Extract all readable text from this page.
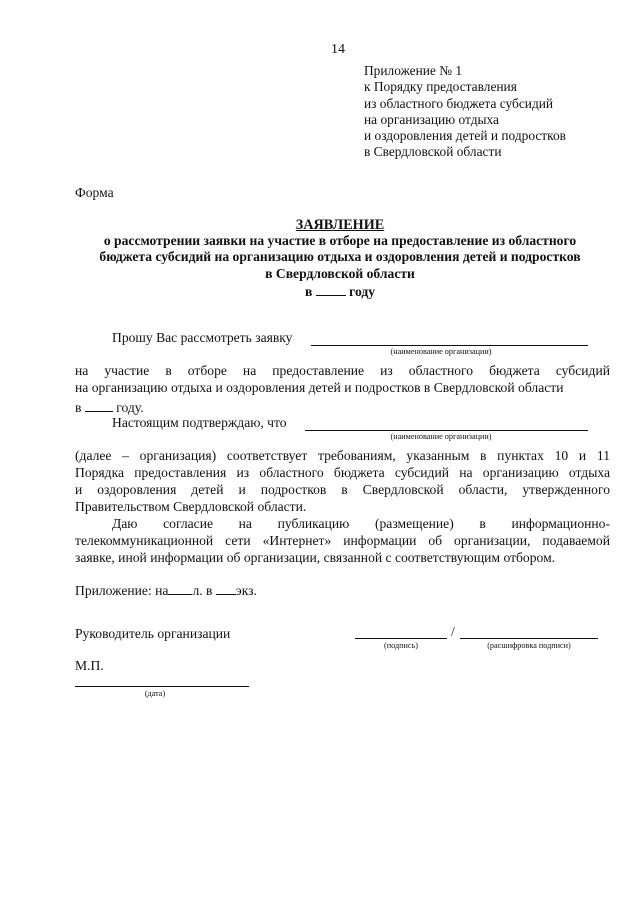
14
Приложение № 1
к Порядку предоставления
из областного бюджета субсидий
на организацию отдыха
и оздоровления детей и подростков
в Свердловской области
Форма
ЗАЯВЛЕНИЕ
о рассмотрении заявки на участие в отборе на предоставление из областного
бюджета субсидий на организацию отдыха и оздоровления детей и подростков
в Свердловской области
в	году
Прошу Вас рассмотреть заявку
(наименование организации)
на участие в отборе на предоставление из областного бюджета субсидий
на организацию отдыха и оздоровления детей и подростков в Свердловской области
в	году.
Настоящим подтверждаю, что
(наименование организации)
(далее – организация) соответствует требованиям, указанным в пунктах 10 и 11
Порядка предоставления из областного бюджета субсидий на организацию отдыха
и оздоровления детей и подростков в Свердловской области, утвержденного
Правительством Свердловской области.
Даю согласие на публикацию (размещение) в информационно-
телекоммуникационной сети «Интернет» информации об организации, подаваемой
заявке, иной информации об организации, связанной с соответствующим отбором.
Приложение: на л. в экз.
Руководитель организации	/
(подпись)	(расшифровка подписи)
М.П.
(дата)
